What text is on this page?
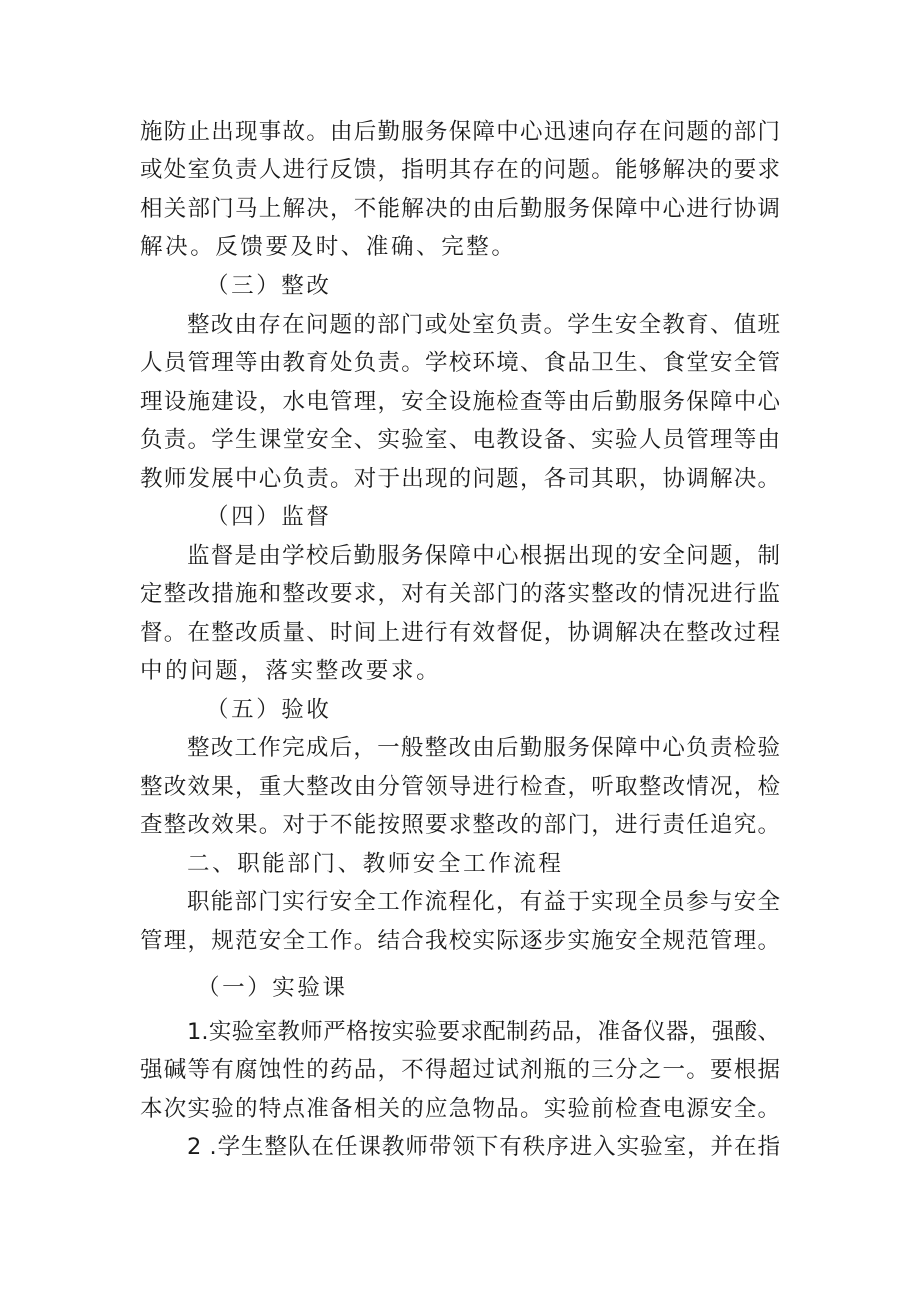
施防止出现事故。由后勤服务保障中心迅速向存在问题的部门
或处室负责人进行反馈，指明其存在的问题。能够解决的要求
相关部门马上解决，不能解决的由后勤服务保障中心进行协调
解决。反馈要及时、准确、完整。
（三）整改
整改由存在问题的部门或处室负责。学生安全教育、值班
人员管理等由教育处负责。学校环境、食品卫生、食堂安全管
理设施建设，水电管理，安全设施检查等由后勤服务保障中心
负责。学生课堂安全、实验室、电教设备、实验人员管理等由
教师发展中心负责。对于出现的问题，各司其职，协调解决。
（四）监督
监督是由学校后勤服务保障中心根据出现的安全问题，制
定整改措施和整改要求，对有关部门的落实整改的情况进行监
督。在整改质量、时间上进行有效督促，协调解决在整改过程
中的问题，落实整改要求。
（五）验收
整改工作完成后，一般整改由后勤服务保障中心负责检验
整改效果，重大整改由分管领导进行检查，听取整改情况，检
查整改效果。对于不能按照要求整改的部门，进行责任追究。
二、职能部门、教师安全工作流程
职能部门实行安全工作流程化，有益于实现全员参与安全
管理，规范安全工作。结合我校实际逐步实施安全规范管理。
（一）实验课
1.实验室教师严格按实验要求配制药品，准备仪器，强酸、
强碱等有腐蚀性的药品，不得超过试剂瓶的三分之一。要根据
本次实验的特点准备相关的应急物品。实验前检查电源安全。
2 .学生整队在任课教师带领下有秩序进入实验室，并在指
